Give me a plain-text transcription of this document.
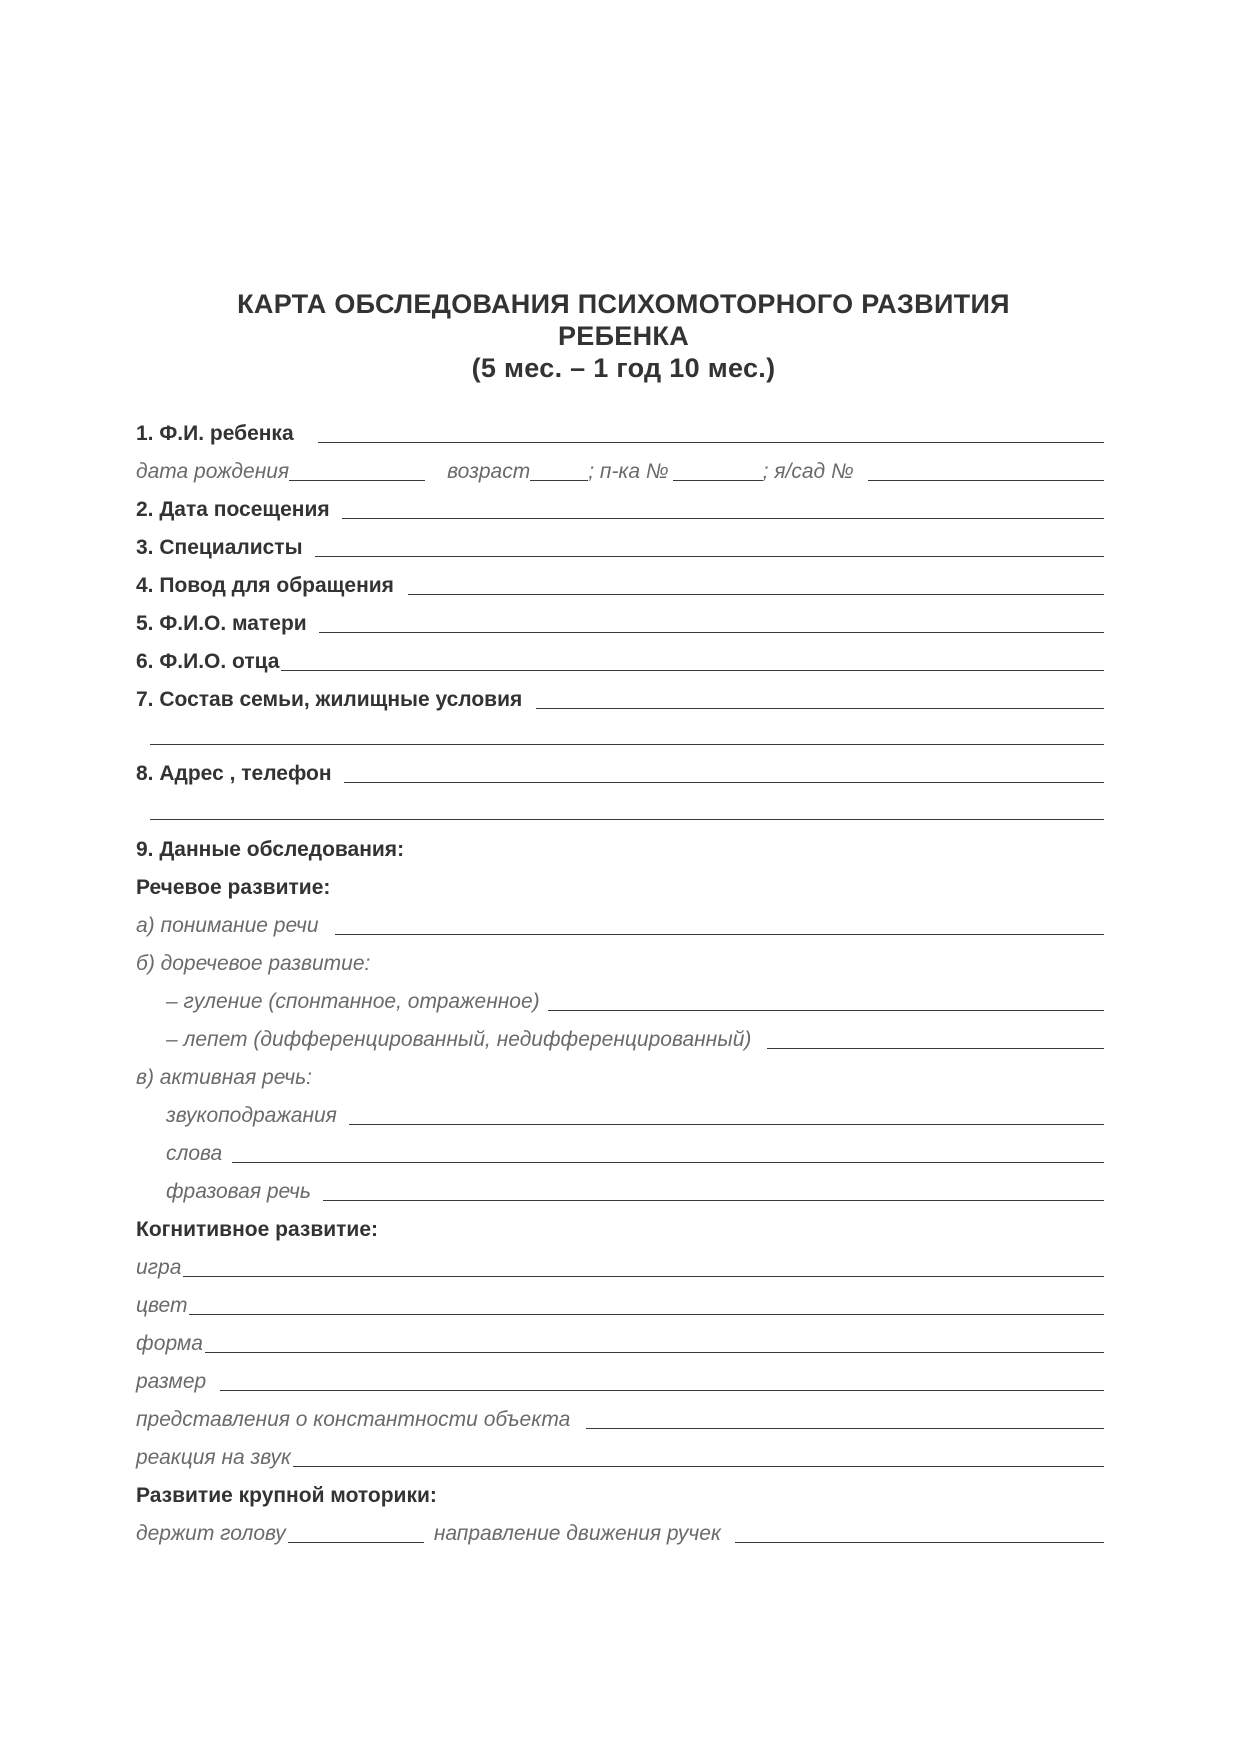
КАРТА ОБСЛЕДОВАНИЯ ПСИХОМОТОРНОГО РАЗВИТИЯ
РЕБЕНКА
(5 мес. – 1 год 10 мес.)
1. Ф.И. ребенка
дата рождения	возраст	; п-ка №	; я/сад №
2. Дата посещения
3. Специалисты
4. Повод для обращения
5. Ф.И.О. матери
6. Ф.И.О. отца
7. Состав семьи, жилищные условия
8. Адрес , телефон
9. Данные обследования:
Речевое развитие:
а) понимание речи
б) доречевое развитие:
– гуление (спонтанное, отраженное)
– лепет (дифференцированный, недифференцированный)
в) активная речь:
звукоподражания
слова
фразовая речь
Когнитивное развитие:
игра
цвет
форма
размер
представления о константности объекта
реакция на звук
Развитие крупной моторики:
держит голову	направление движения ручек
